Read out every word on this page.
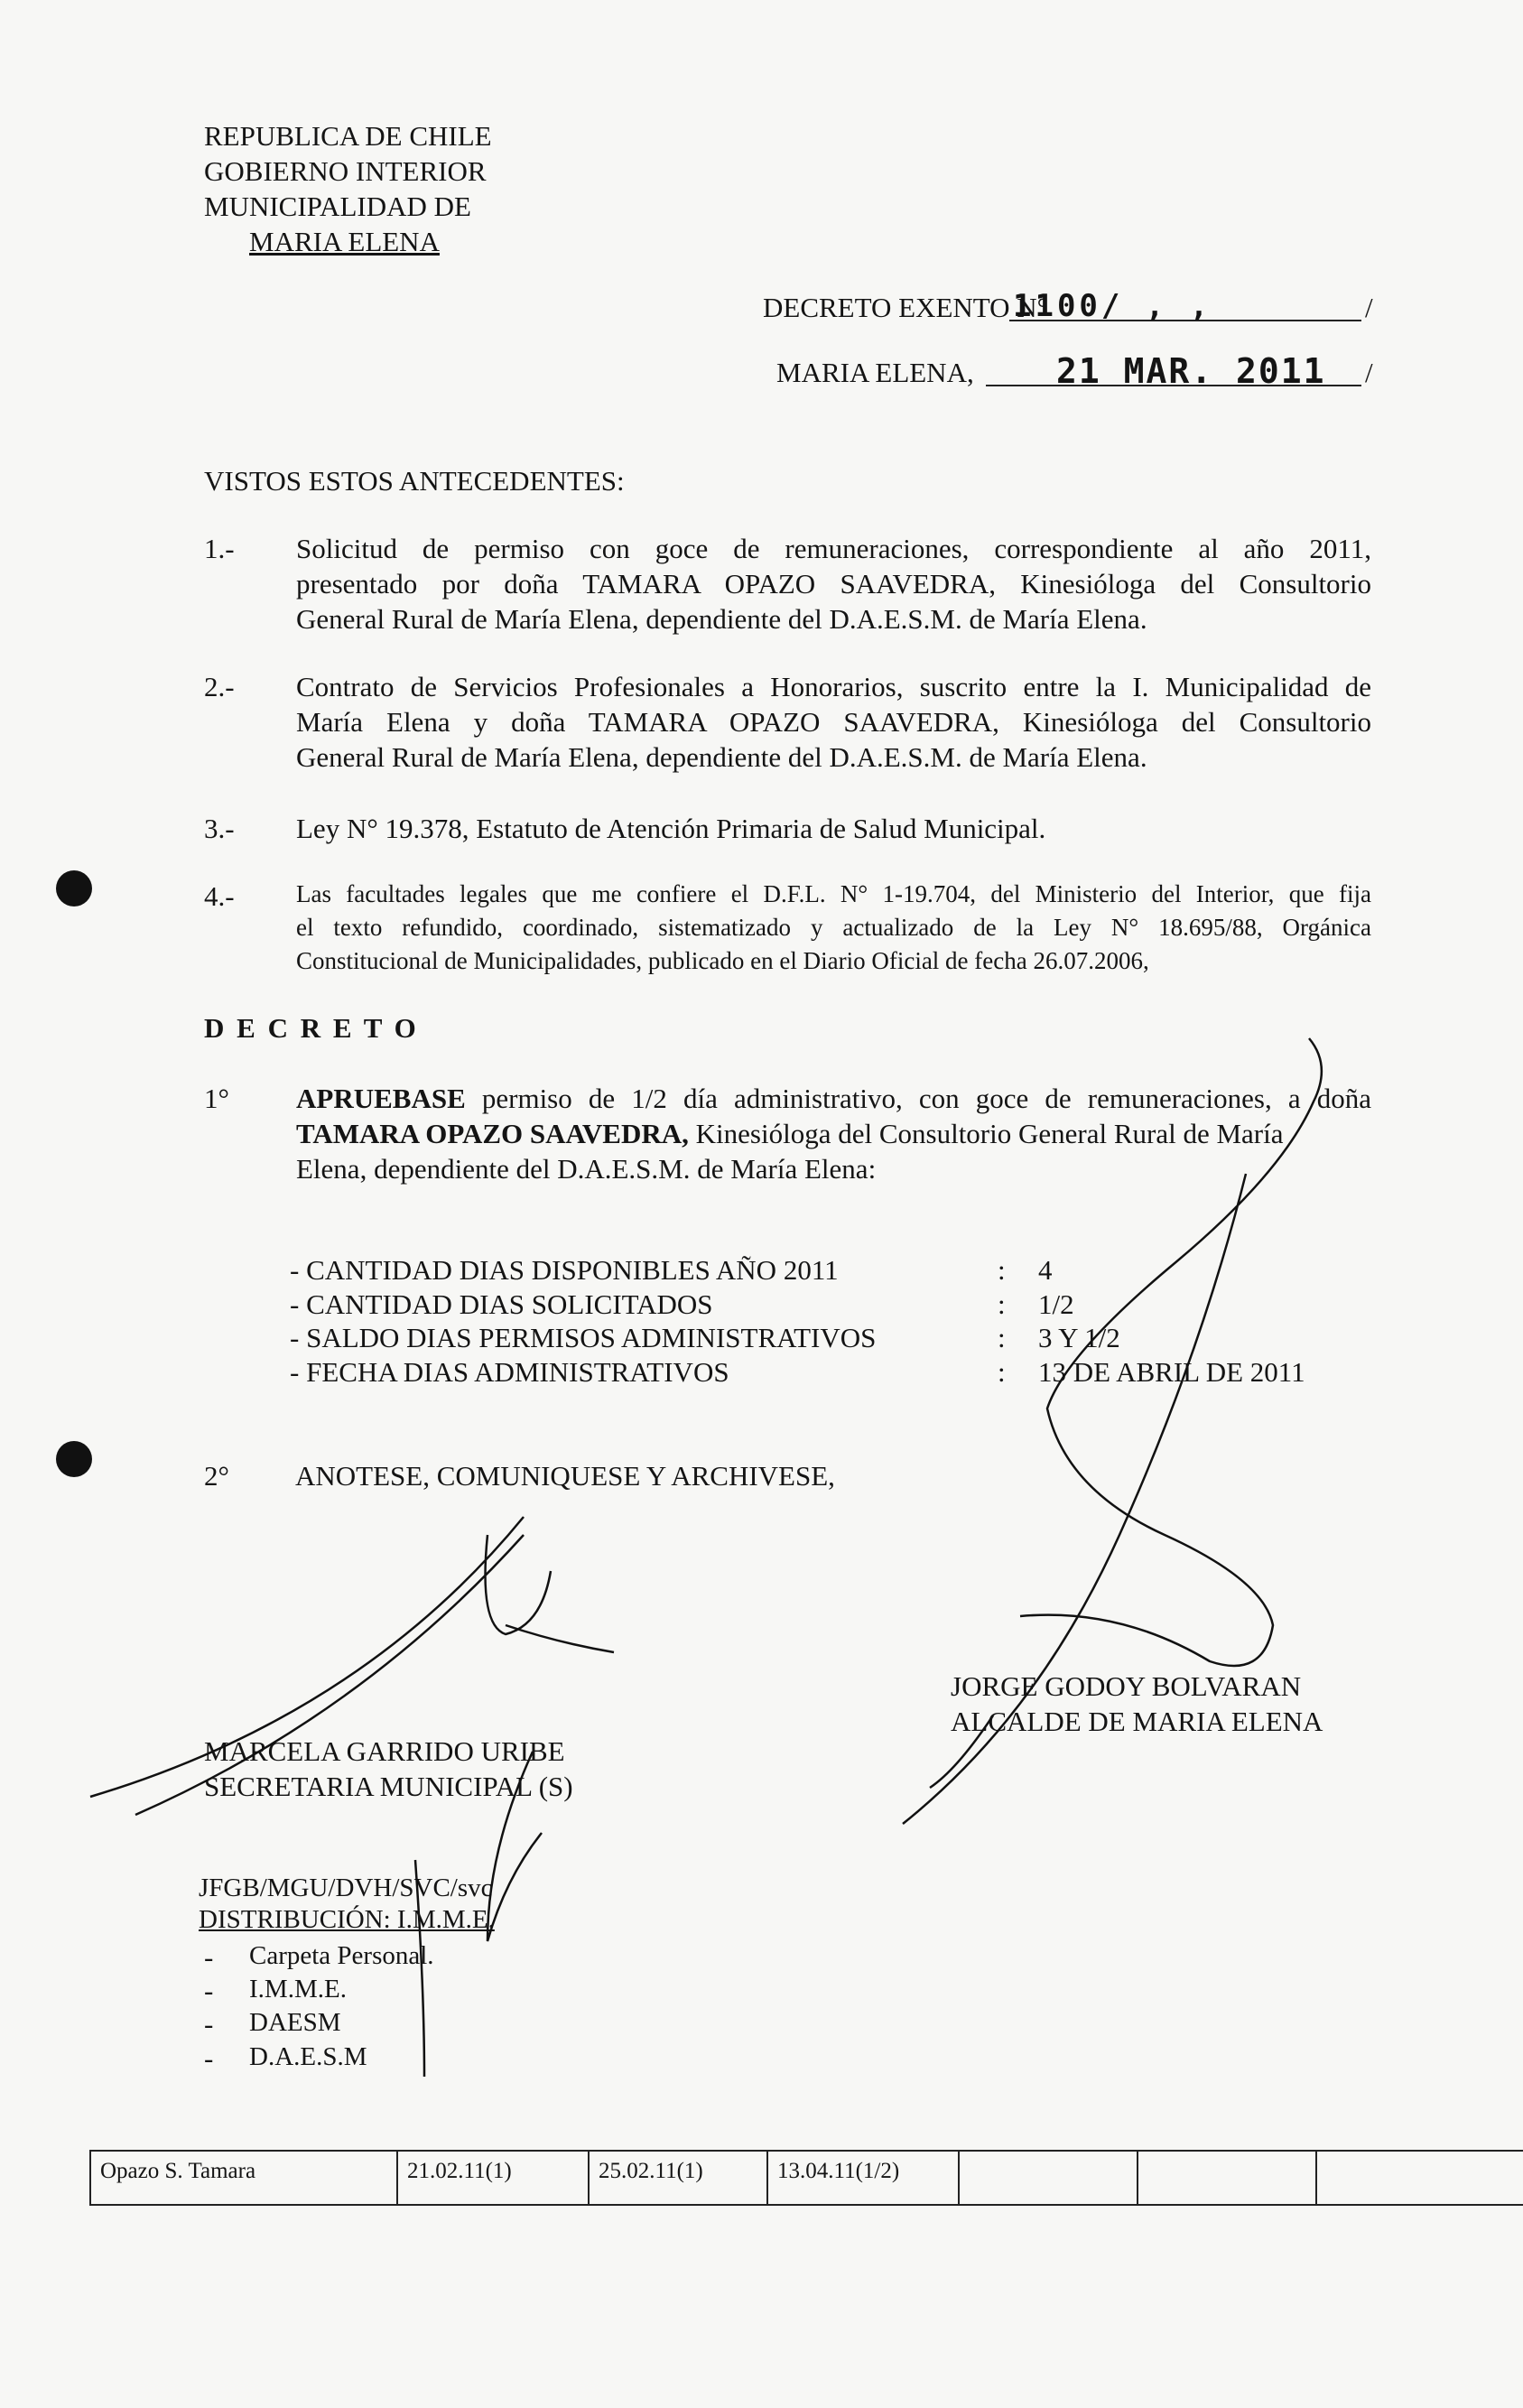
REPUBLICA DE CHILE
GOBIERNO INTERIOR
MUNICIPALIDAD DE
MARIA ELENA
DECRETO EXENTO N°
1100/ , ,	/
MARIA ELENA, 21 MAR. 2011 /
VISTOS ESTOS ANTECEDENTES:
1.- Solicitud de permiso con goce de remuneraciones, correspondiente al año 2011,
presentado por doña TAMARA OPAZO SAAVEDRA, Kinesióloga del Consultorio
General Rural de María Elena, dependiente del D.A.E.S.M. de María Elena.
2.- Contrato de Servicios Profesionales a Honorarios, suscrito entre la I. Municipalidad de
María Elena y doña TAMARA OPAZO SAAVEDRA, Kinesióloga del Consultorio
General Rural de María Elena, dependiente del D.A.E.S.M. de María Elena.
3.- Ley N° 19.378, Estatuto de Atención Primaria de Salud Municipal.
4.-	Las facultades legales que me confiere el D.F.L. N° 1-19.704, del Ministerio del Interior, que fija
el texto refundido, coordinado, sistematizado y actualizado de la Ley N° 18.695/88, Orgánica
Constitucional de Municipalidades, publicado en el Diario Oficial de fecha 26.07.2006,
D E C R E T O
1° APRUEBASE permiso de 1/2 día administrativo, con goce de remuneraciones, a doña
TAMARA OPAZO SAAVEDRA, Kinesióloga del Consultorio General Rural de María
Elena, dependiente del D.A.E.S.M. de María Elena:
- CANTIDAD DIAS DISPONIBLES AÑO 2011	: 4
- CANTIDAD DIAS SOLICITADOS	: 1/2
- SALDO DIAS PERMISOS ADMINISTRATIVOS	: 3 Y 1/2
- FECHA DIAS ADMINISTRATIVOS	: 13 DE ABRIL DE 2011
2° ANOTESE, COMUNIQUESE Y ARCHIVESE,
JORGE GODOY BOLVARAN
ALCALDE DE MARIA ELENA
MARCELA GARRIDO URIBE
SECRETARIA MUNICIPAL (S)
JFGB/MGU/DVH/SVC/svc
DISTRIBUCIÓN: I.M.M.E.
- Carpeta Personal.
- I.M.M.E.
- DAESM
- D.A.E.S.M
Opazo S. Tamara	21.02.11(1)	25.02.11(1)	13.04.11(1/2)			
